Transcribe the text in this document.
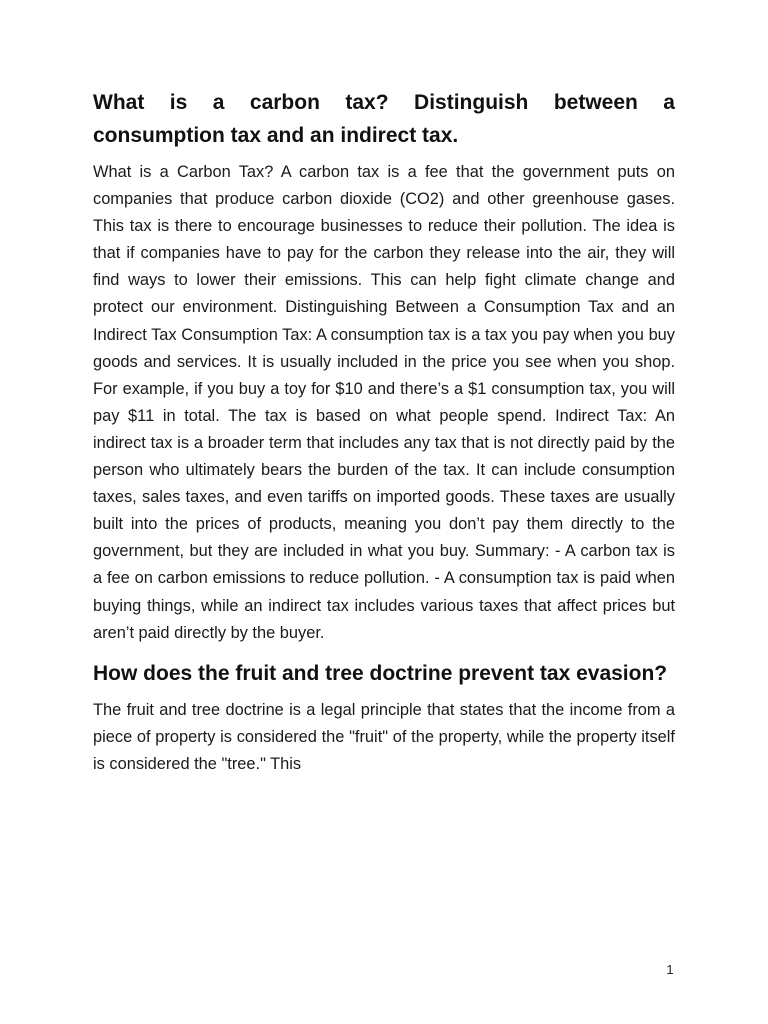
What is a carbon tax? Distinguish between a consumption tax and an indirect tax.

What is a Carbon Tax? A carbon tax is a fee that the government puts on companies that produce carbon dioxide (CO2) and other greenhouse gases. This tax is there to encourage businesses to reduce their pollution. The idea is that if companies have to pay for the carbon they release into the air, they will find ways to lower their emissions. This can help fight climate change and protect our environment. Distinguishing Between a Consumption Tax and an Indirect Tax Consumption Tax: A consumption tax is a tax you pay when you buy goods and services. It is usually included in the price you see when you shop. For example, if you buy a toy for $10 and there’s a $1 consumption tax, you will pay $11 in total. The tax is based on what people spend. Indirect Tax: An indirect tax is a broader term that includes any tax that is not directly paid by the person who ultimately bears the burden of the tax. It can include consumption taxes, sales taxes, and even tariffs on imported goods. These taxes are usually built into the prices of products, meaning you don’t pay them directly to the government, but they are included in what you buy. Summary: - A carbon tax is a fee on carbon emissions to reduce pollution. - A consumption tax is paid when buying things, while an indirect tax includes various taxes that affect prices but aren’t paid directly by the buyer.

How does the fruit and tree doctrine prevent tax evasion?

The fruit and tree doctrine is a legal principle that states that the income from a piece of property is considered the "fruit" of the property, while the property itself is considered the "tree." This

1
